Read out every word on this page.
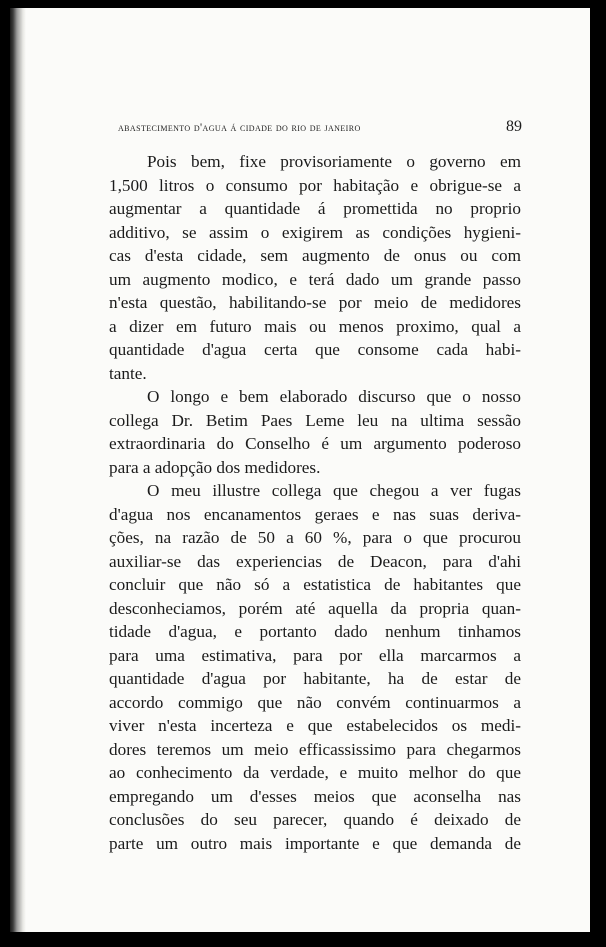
abastecimento d'agua á cidade do rio de janeiro	89

Pois bem, fixe provisoriamente o governo em
1,500 litros o consumo por habitação e obrigue-se a
augmentar a quantidade á promettida no proprio
additivo, se assim o exigirem as condições hygieni-
cas d'esta cidade, sem augmento de onus ou com
um augmento modico, e terá dado um grande passo
n'esta questão, habilitando-se por meio de medidores
a dizer em futuro mais ou menos proximo, qual a
quantidade d'agua certa que consome cada habi-
tante.

O longo e bem elaborado discurso que o nosso
collega Dr. Betim Paes Leme leu na ultima sessão
extraordinaria do Conselho é um argumento poderoso
para a adopção dos medidores.

O meu illustre collega que chegou a ver fugas
d'agua nos encanamentos geraes e nas suas deriva-
ções, na razão de 50 a 60 %, para o que procurou
auxiliar-se das experiencias de Deacon, para d'ahi
concluir que não só a estatistica de habitantes que
desconheciamos, porém até aquella da propria quan-
tidade d'agua, e portanto dado nenhum tinhamos
para uma estimativa, para por ella marcarmos a
quantidade d'agua por habitante, ha de estar de
accordo commigo que não convém continuarmos a
viver n'esta incerteza e que estabelecidos os medi-
dores teremos um meio efficassissimo para chegarmos
ao conhecimento da verdade, e muito melhor do que
empregando um d'esses meios que aconselha nas
conclusões do seu parecer, quando é deixado de
parte um outro mais importante e que demanda de
